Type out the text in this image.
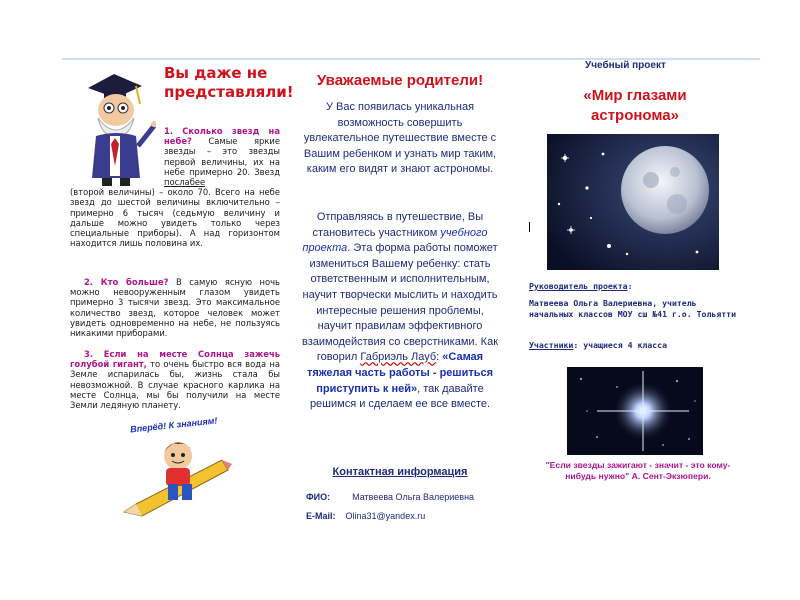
Вы даже не представляли!
1. Сколько звезд на небе? Самые яркие звезды – это звезды первой величины, их на небе примерно 20. Звезд послабее
(второй величины) – около 70. Всего на небе звезд до шестой величины включительно – примерно 6 тысяч (седьмую величину и дальше можно увидеть только через специальные приборы). А над горизонтом находится лишь половина их.
2. Кто больше? В самую ясную ночь можно невооруженным глазом увидеть примерно 3 тысячи звезд. Это максимальное количество звезд, которое человек может увидеть одновременно на небе, не пользуясь никакими приборами.
3. Если на месте Солнца зажечь голубой гигант, то очень быстро вся вода на Земле испарилась бы, жизнь стала бы невозможной. В случае красного карлика на месте Солнца, мы бы получили на месте Земли ледяную планету.
Вперёд! К знаниям!
Уважаемые родители!
У Вас появилась уникальная возможность совершить увлекательное путешествие вместе с Вашим ребенком и узнать мир таким, каким его видят и знают астрономы.
Отправляясь в путешествие, Вы становитесь участником учебного проекта. Эта форма работы поможет измениться Вашему ребенку: стать ответственным и исполнительным, научит творчески мыслить и находить интересные решения проблемы, научит правилам эффективного взаимодействия со сверстниками. Как говорил Габриэль Лауб: «Самая тяжелая часть работы - решиться приступить к ней», так давайте решимся и сделаем ее все вместе.
Контактная информация
ФИО: Матвеева Ольга Валериевна
E-Mail: Olina31@yandex.ru
Учебный проект
«Мир глазами астронома»
Руководитель проекта:
Матвеева Ольга Валериевна, учитель начальных классов МОУ сш №41 г.о. Тольятти
Участники: учащиеся 4 класса
"Если звезды зажигают - значит - это кому-нибудь нужно" А. Сент-Экзюпери.
